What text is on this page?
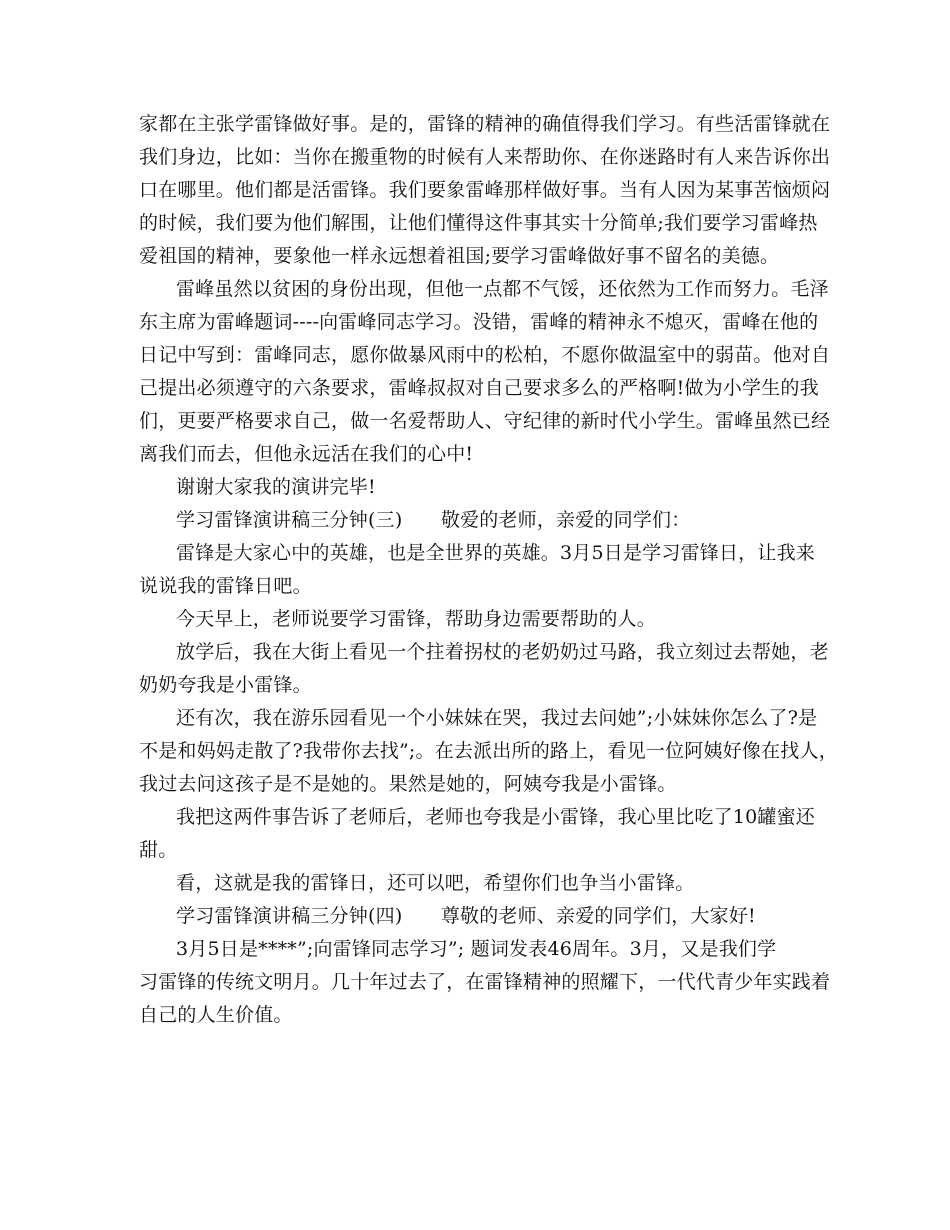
家都在主张学雷锋做好事。是的，雷锋的精神的确值得我们学习。有些活雷锋就在
我们身边，比如：当你在搬重物的时候有人来帮助你、在你迷路时有人来告诉你出
口在哪里。他们都是活雷锋。我们要象雷峰那样做好事。当有人因为某事苦恼烦闷
的时候，我们要为他们解围，让他们懂得这件事其实十分简单;我们要学习雷峰热
爱祖国的精神，要象他一样永远想着祖国;要学习雷峰做好事不留名的美德。
雷峰虽然以贫困的身份出现，但他一点都不气馁，还依然为工作而努力。毛泽
东主席为雷峰题词----向雷峰同志学习。没错，雷峰的精神永不熄灭，雷峰在他的
日记中写到：雷峰同志，愿你做暴风雨中的松柏，不愿你做温室中的弱苗。他对自
己提出必须遵守的六条要求，雷峰叔叔对自己要求多么的严格啊!做为小学生的我
们，更要严格要求自己，做一名爱帮助人、守纪律的新时代小学生。雷峰虽然已经
离我们而去，但他永远活在我们的心中!
谢谢大家我的演讲完毕!
学习雷锋演讲稿三分钟(三)　　敬爱的老师，亲爱的同学们：
雷锋是大家心中的英雄，也是全世界的英雄。3月5日是学习雷锋日，让我来
说说我的雷锋日吧。
今天早上，老师说要学习雷锋，帮助身边需要帮助的人。
放学后，我在大街上看见一个拄着拐杖的老奶奶过马路，我立刻过去帮她，老
奶奶夸我是小雷锋。
还有次，我在游乐园看见一个小妹妹在哭，我过去问她”;小妹妹你怎么了?是
不是和妈妈走散了?我带你去找”;。在去派出所的路上，看见一位阿姨好像在找人，
我过去问这孩子是不是她的。果然是她的，阿姨夸我是小雷锋。
我把这两件事告诉了老师后，老师也夸我是小雷锋，我心里比吃了10罐蜜还
甜。
看，这就是我的雷锋日，还可以吧，希望你们也争当小雷锋。
学习雷锋演讲稿三分钟(四)　　尊敬的老师、亲爱的同学们，大家好!
3月5日是****”;向雷锋同志学习”; 题词发表46周年。3月，又是我们学
习雷锋的传统文明月。几十年过去了，在雷锋精神的照耀下，一代代青少年实践着
自己的人生价值。
